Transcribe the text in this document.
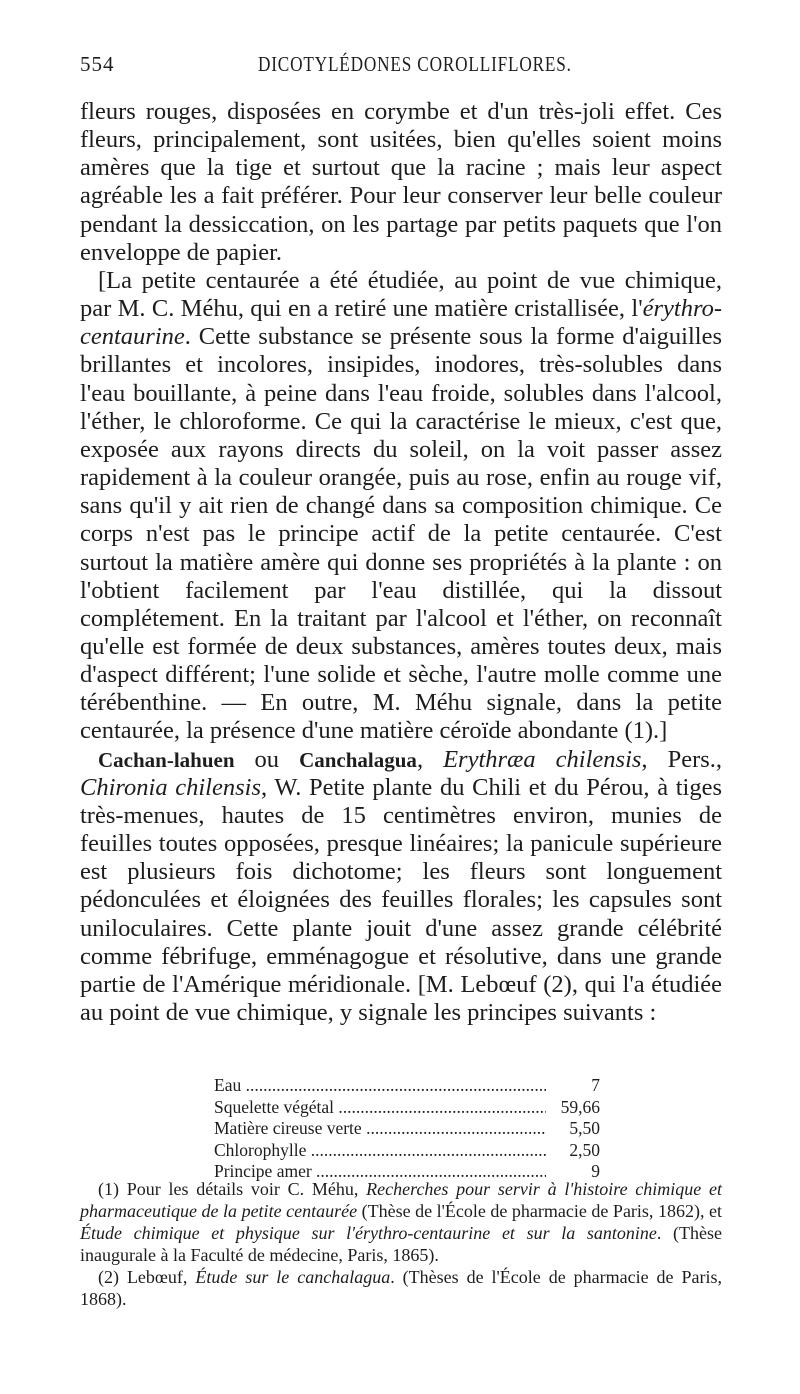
554	DICOTYLÉDONES COROLLIFLORES.

fleurs rouges, disposées en corymbe et d'un très-joli effet. Ces fleurs, principalement, sont usitées, bien qu'elles soient moins amères que la tige et surtout que la racine ; mais leur aspect agréable les a fait préférer. Pour leur conserver leur belle couleur pendant la dessiccation, on les partage par petits paquets que l'on enveloppe de papier.

[La petite centaurée a été étudiée, au point de vue chimique, par M. C. Méhu, qui en a retiré une matière cristallisée, l'érythro-centaurine. Cette substance se présente sous la forme d'aiguilles brillantes et incolores, insipides, inodores, très-solubles dans l'eau bouillante, à peine dans l'eau froide, solubles dans l'alcool, l'éther, le chloroforme. Ce qui la caractérise le mieux, c'est que, exposée aux rayons directs du soleil, on la voit passer assez rapidement à la couleur orangée, puis au rose, enfin au rouge vif, sans qu'il y ait rien de changé dans sa composition chimique. Ce corps n'est pas le principe actif de la petite centaurée. C'est surtout la matière amère qui donne ses propriétés à la plante : on l'obtient facilement par l'eau distillée, qui la dissout complétement. En la traitant par l'alcool et l'éther, on reconnaît qu'elle est formée de deux substances, amères toutes deux, mais d'aspect différent; l'une solide et sèche, l'autre molle comme une térébenthine. — En outre, M. Méhu signale, dans la petite centaurée, la présence d'une matière céroïde abondante (1).]

Cachan-lahuen ou Canchalagua, Erythræa chilensis, Pers., Chironia chilensis, W. Petite plante du Chili et du Pérou, à tiges très-menues, hautes de 15 centimètres environ, munies de feuilles toutes opposées, presque linéaires; la panicule supérieure est plusieurs fois dichotome; les fleurs sont longuement pédonculées et éloignées des feuilles florales; les capsules sont uniloculaires. Cette plante jouit d'une assez grande célébrité comme fébrifuge, emménagogue et résolutive, dans une grande partie de l'Amérique méridionale. [M. Lebœuf (2), qui l'a étudiée au point de vue chimique, y signale les principes suivants :

Eau .....	7
Squelette végétal .....	59,66
Matière cireuse verte .....	5,50
Chlorophylle .....	2,50
Principe amer .....	9

(1) Pour les détails voir C. Méhu, Recherches pour servir à l'histoire chimique et pharmaceutique de la petite centaurée (Thèse de l'École de pharmacie de Paris, 1862), et Étude chimique et physique sur l'érythro-centaurine et sur la santonine. (Thèse inaugurale à la Faculté de médecine, Paris, 1865).

(2) Lebœuf, Étude sur le canchalagua. (Thèses de l'École de pharmacie de Paris, 1868).
